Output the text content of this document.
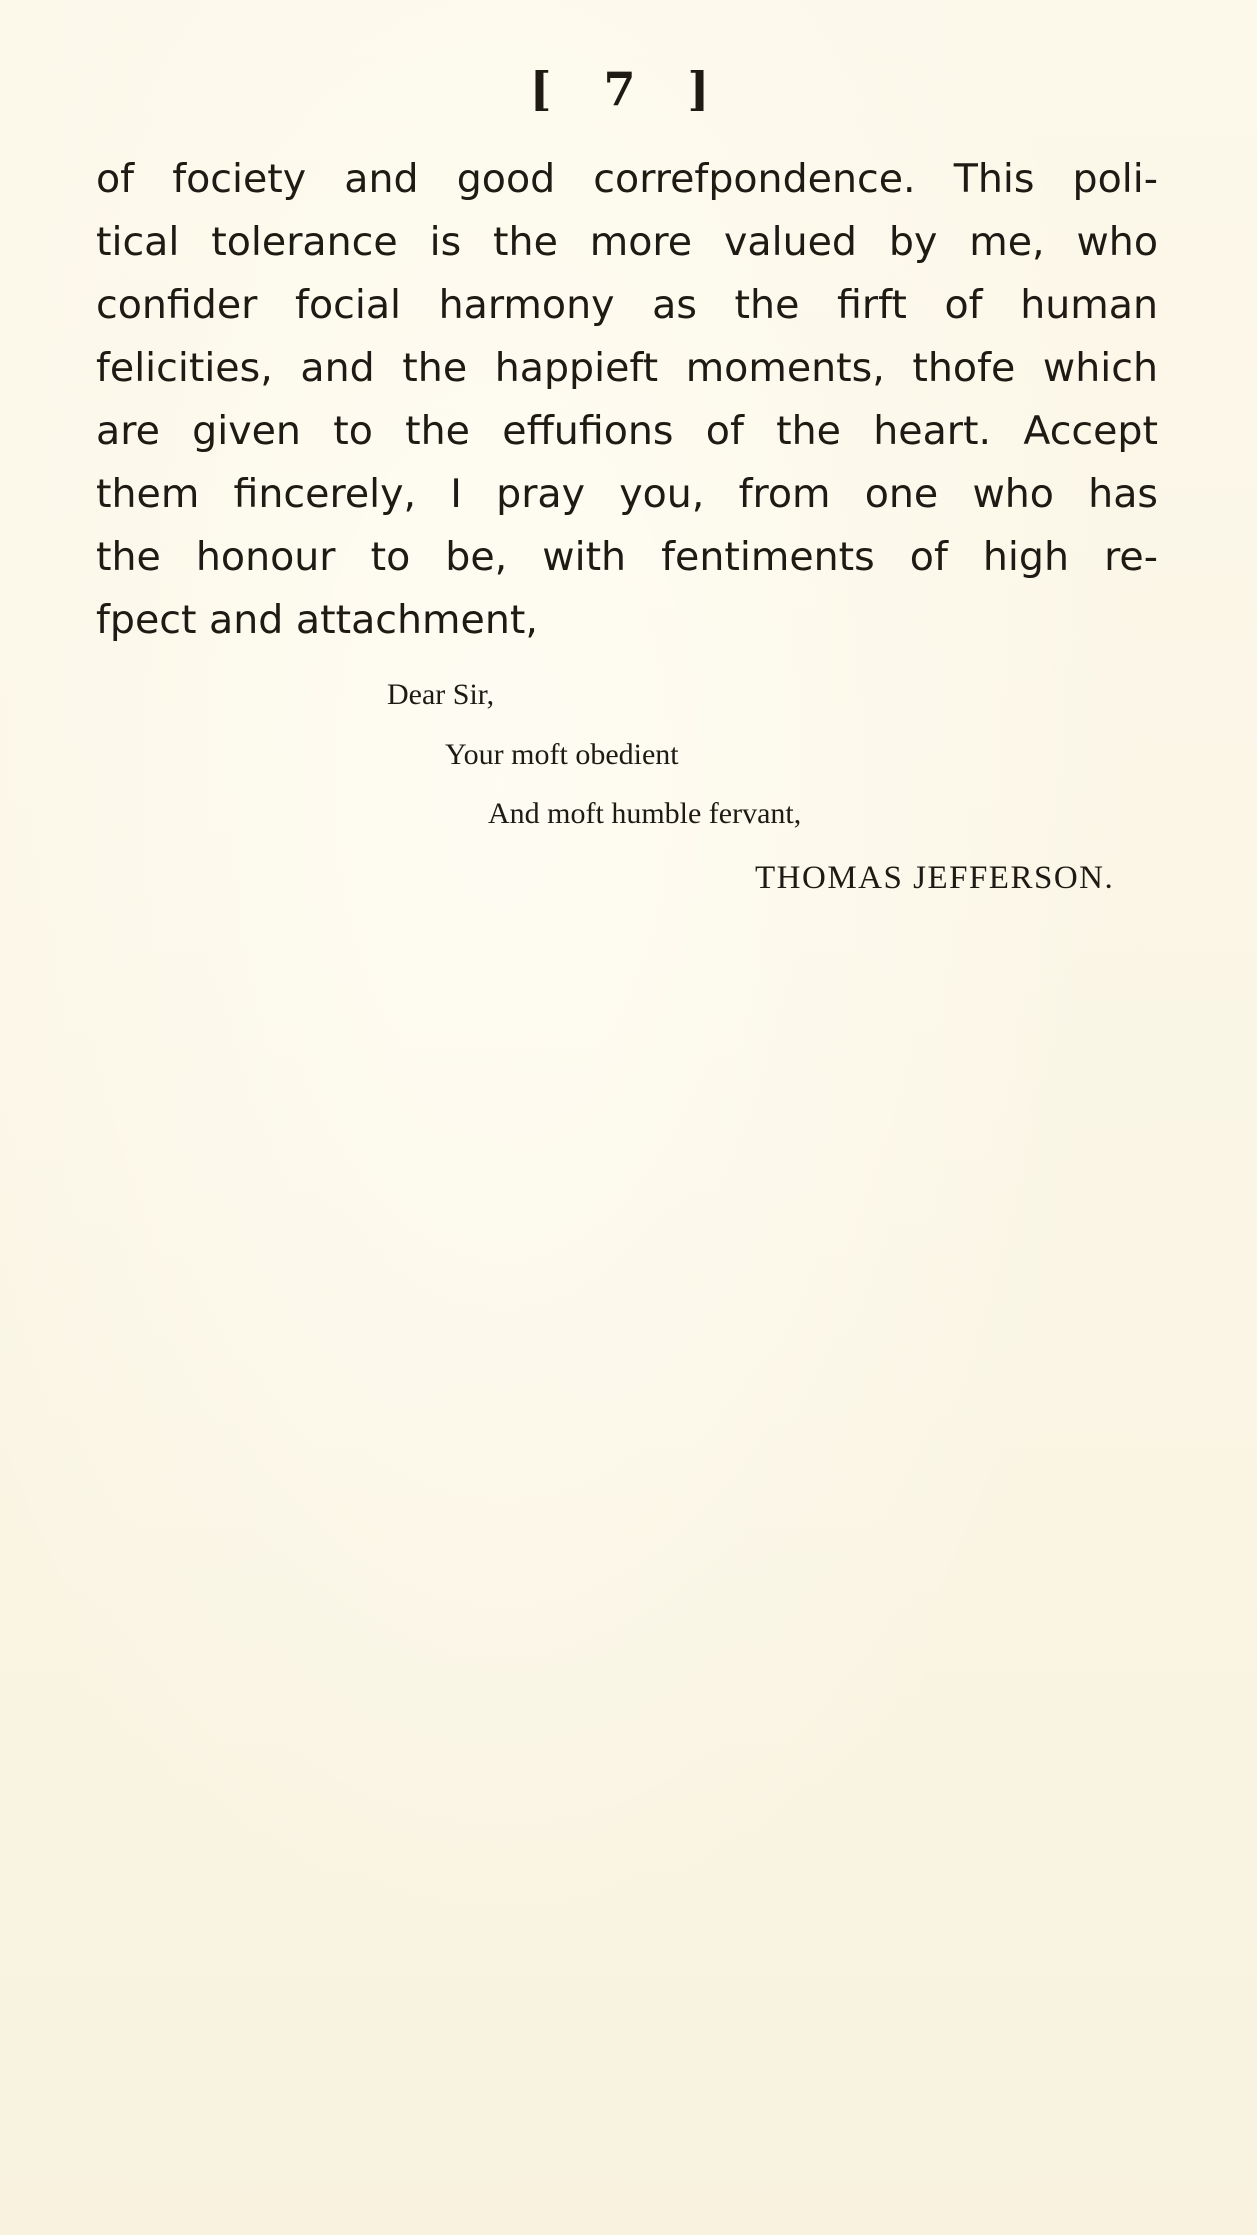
[ 7 ]
of fociety and good correfpondence. This poli-
tical tolerance is the more valued by me, who
confider focial harmony as the firft of human
felicities, and the happieft moments, thofe which
are given to the effufions of the heart. Accept
them fincerely, I pray you, from one who has
the honour to be, with fentiments of high re-
fpect and attachment,
Dear Sir,
Your moft obedient
And moft humble fervant,
THOMAS JEFFERSON.
